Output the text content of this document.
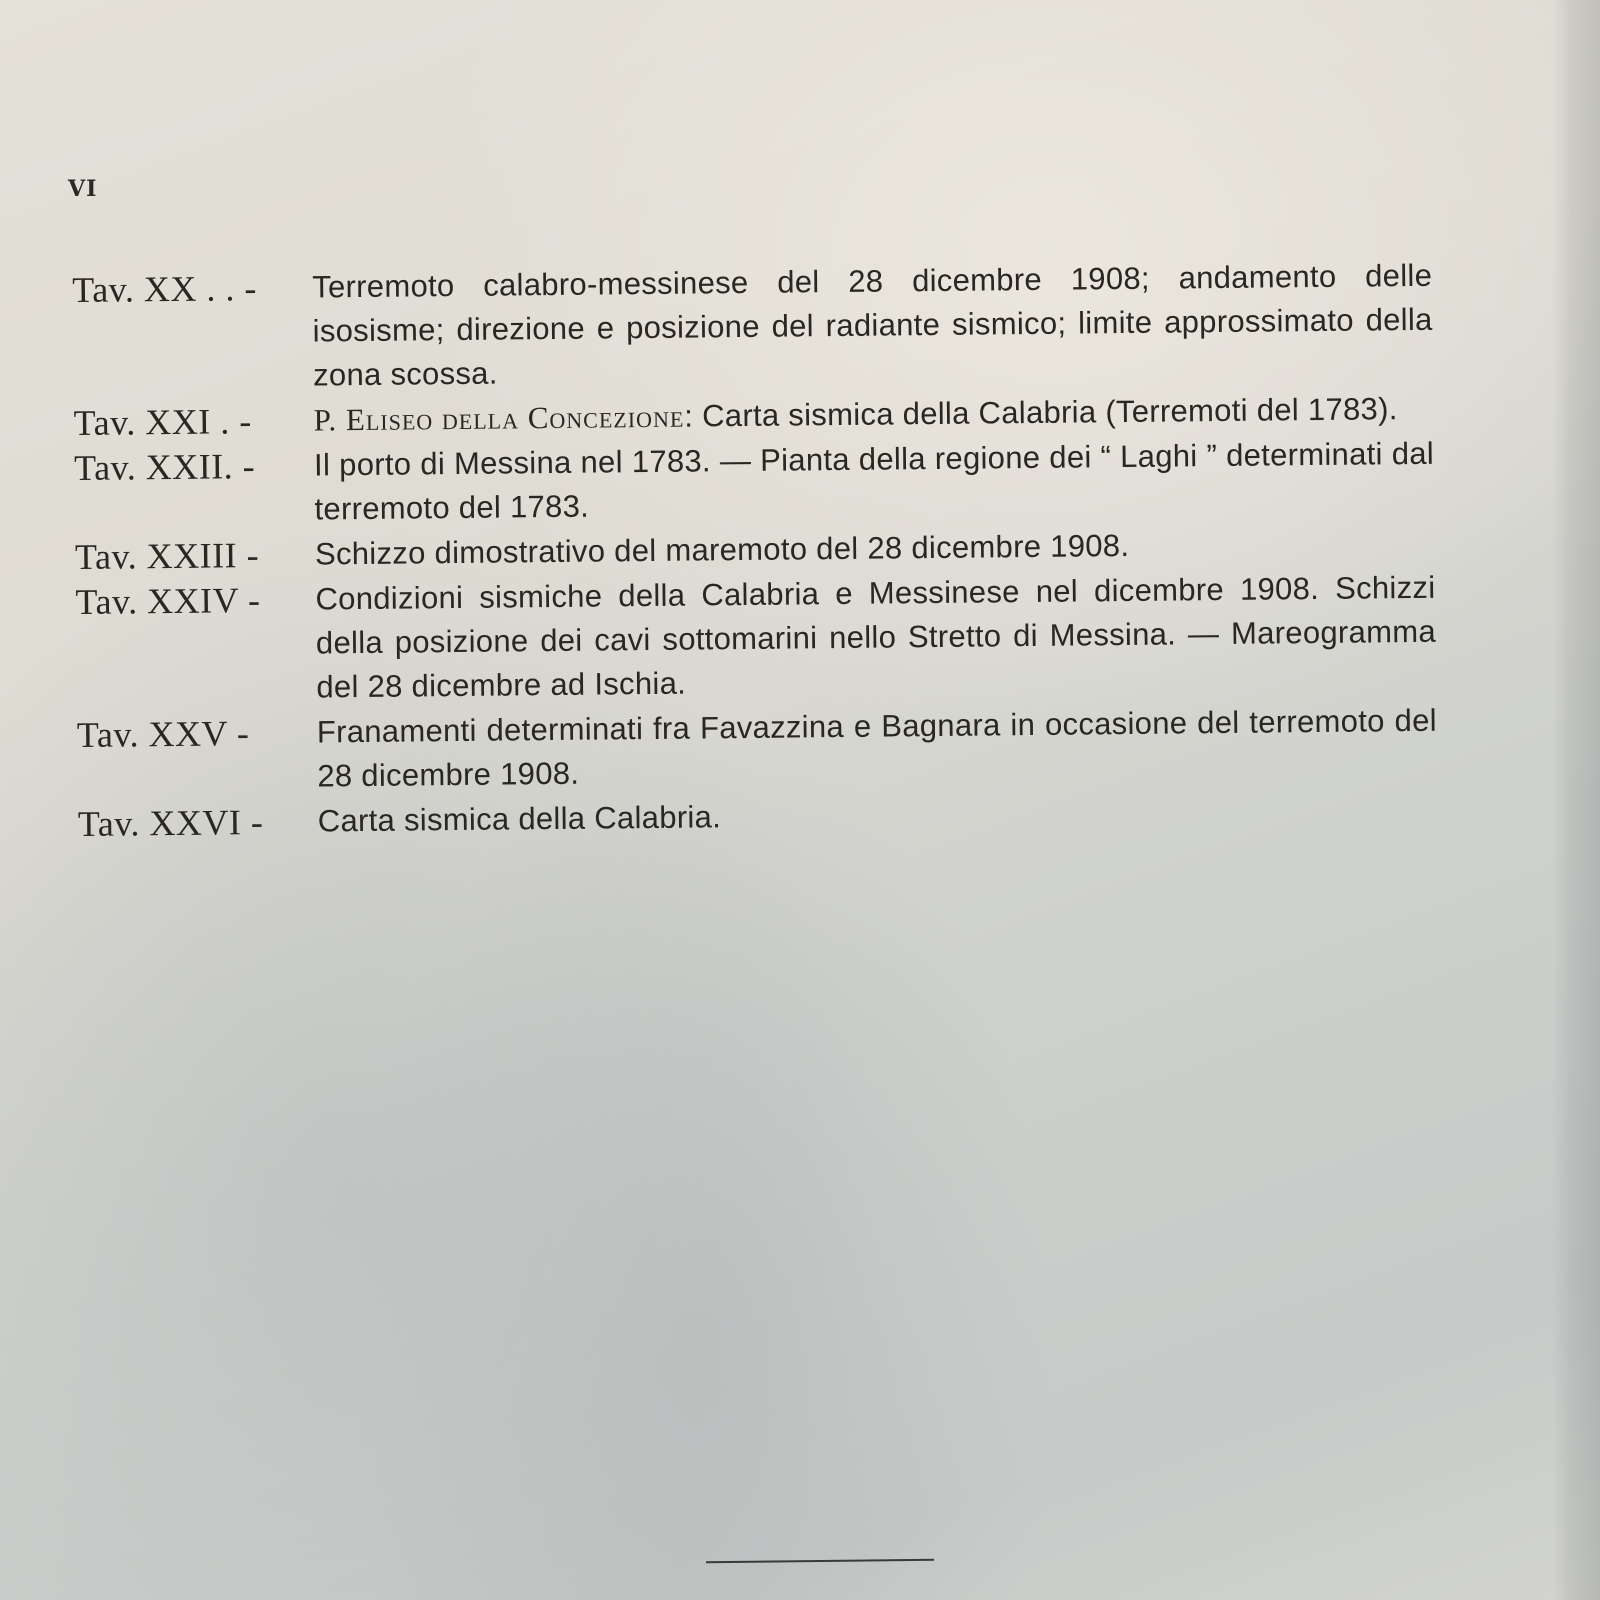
VI
Tav. XX . . -	Terremoto calabro-messinese del 28 dicembre 1908; andamento delle isosisme; direzione e posizione del radiante sismico; limite approssimato della zona scossa.
Tav. XXI . -	P. Eliseo della Concezione: Carta sismica della Calabria (Terremoti del 1783).
Tav. XXII. -	Il porto di Messina nel 1783. — Pianta della regione dei “ Laghi ” determinati dal terremoto del 1783.
Tav. XXIII -	Schizzo dimostrativo del maremoto del 28 dicembre 1908.
Tav. XXIV -	Condizioni sismiche della Calabria e Messinese nel dicembre 1908. Schizzi della posizione dei cavi sottomarini nello Stretto di Messina. — Mareogramma del 28 dicembre ad Ischia.
Tav. XXV -	Franamenti determinati fra Favazzina e Bagnara in occasione del terremoto del 28 dicembre 1908.
Tav. XXVI -	Carta sismica della Calabria.
